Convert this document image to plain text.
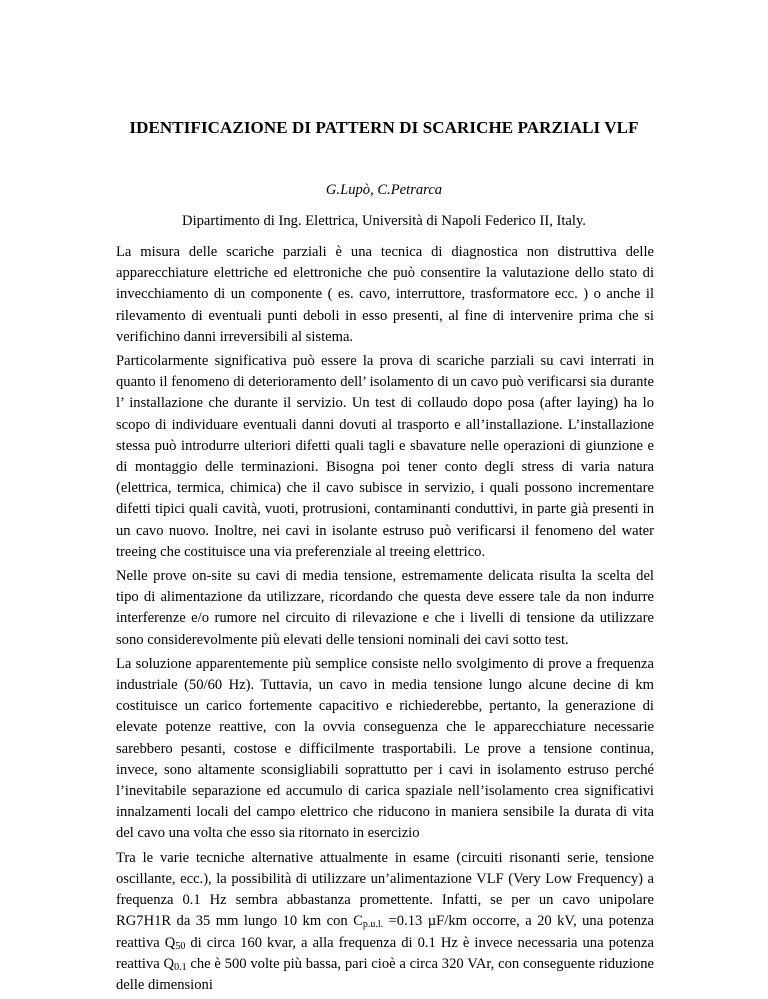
IDENTIFICAZIONE DI PATTERN DI SCARICHE PARZIALI VLF
G.Lupò, C.Petrarca
Dipartimento di Ing. Elettrica, Università di Napoli Federico II, Italy.

La misura delle scariche parziali è una tecnica di diagnostica non distruttiva delle apparecchiature elettriche ed elettroniche che può consentire la valutazione dello stato di invecchiamento di un componente ( es. cavo, interruttore, trasformatore ecc. ) o anche il rilevamento di eventuali punti deboli in esso presenti, al fine di intervenire prima che si verifichino danni irreversibili al sistema.

Particolarmente significativa può essere la prova di scariche parziali su cavi interrati in quanto il fenomeno di deterioramento dell’ isolamento di un cavo può verificarsi sia durante l’ installazione che durante il servizio. Un test di collaudo dopo posa (after laying) ha lo scopo di individuare eventuali danni dovuti al trasporto e all’installazione. L’installazione stessa può introdurre ulteriori difetti quali tagli e sbavature nelle operazioni di giunzione e di montaggio delle terminazioni. Bisogna poi tener conto degli stress di varia natura (elettrica, termica, chimica) che il cavo subisce in servizio, i quali possono incrementare difetti tipici quali cavità, vuoti, protrusioni, contaminanti conduttivi, in parte già presenti in un cavo nuovo. Inoltre, nei cavi in isolante estruso può verificarsi il fenomeno del water treeing che costituisce una via preferenziale al treeing elettrico.

Nelle prove on-site su cavi di media tensione, estremamente delicata risulta la scelta del tipo di alimentazione da utilizzare, ricordando che questa deve essere tale da non indurre interferenze e/o rumore nel circuito di rilevazione e che i livelli di tensione da utilizzare sono considerevolmente più elevati delle tensioni nominali dei cavi sotto test.

La soluzione apparentemente più semplice consiste nello svolgimento di prove a frequenza industriale (50/60 Hz). Tuttavia, un cavo in media tensione lungo alcune decine di km costituisce un carico fortemente capacitivo e richiederebbe, pertanto, la generazione di elevate potenze reattive, con la ovvia conseguenza che le apparecchiature necessarie sarebbero pesanti, costose e difficilmente trasportabili. Le prove a tensione continua, invece, sono altamente sconsigliabili soprattutto per i cavi in isolamento estruso perché l’inevitabile separazione ed accumulo di carica spaziale nell’isolamento crea significativi innalzamenti locali del campo elettrico che riducono in maniera sensibile la durata di vita del cavo una volta che esso sia ritornato in esercizio

Tra le varie tecniche alternative attualmente in esame (circuiti risonanti serie, tensione oscillante, ecc.), la possibilità di utilizzare un’alimentazione VLF (Very Low Frequency) a frequenza 0.1 Hz sembra abbastanza promettente. Infatti, se per un cavo unipolare RG7H1R da 35 mm lungo 10 km con $C_{p.u.l.} =0.13$ µF/km occorre, a 20 kV, una potenza reattiva $Q_{50}$ di circa 160 kvar, a alla frequenza di 0.1 Hz è invece necessaria una potenza reattiva $Q_{0.1}$ che è 500 volte più bassa, pari cioè a circa 320 VAr, con conseguente riduzione delle dimensioni
